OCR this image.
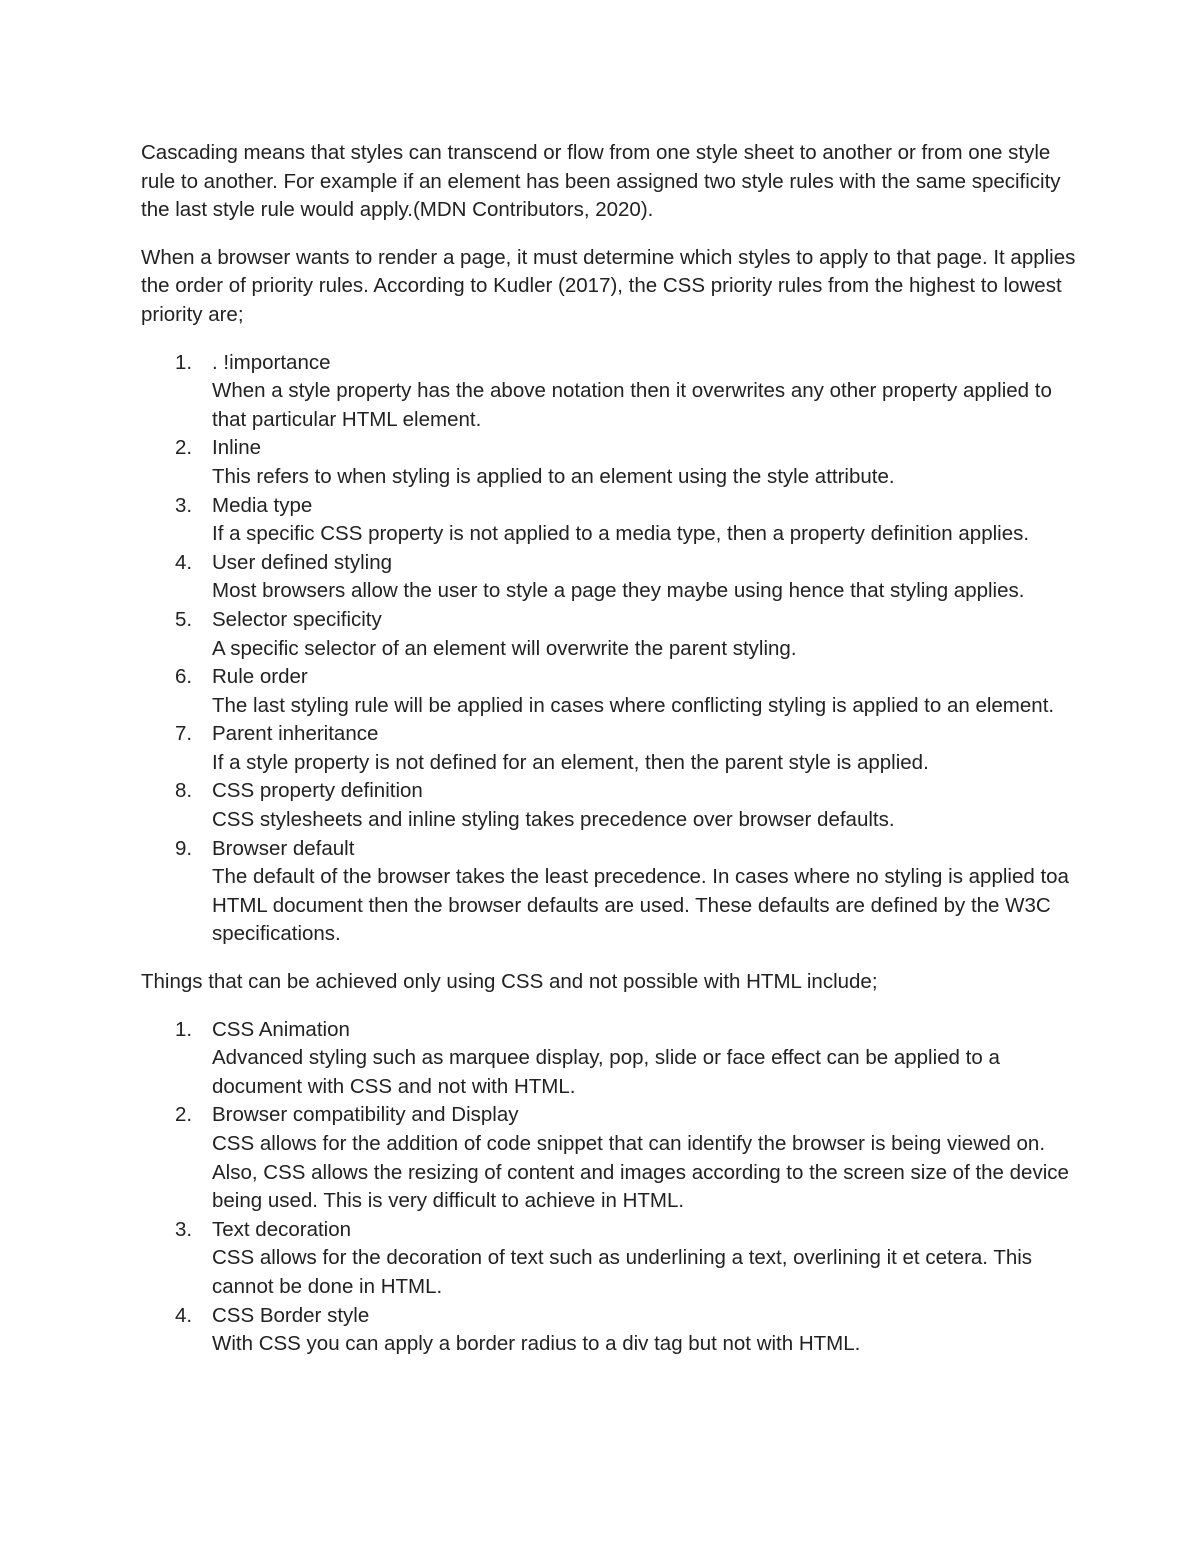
Cascading means that styles can transcend or flow from one style sheet to another or from one style rule to another. For example if an element has been assigned two style rules with the same specificity the last style rule would apply.(MDN Contributors, 2020).

When a browser wants to render a page, it must determine which styles to apply to that page. It applies the order of priority rules. According to Kudler (2017), the CSS priority rules from the highest to lowest priority are;

1. . !importance
When a style property has the above notation then it overwrites any other property applied to that particular HTML element.
2. Inline
This refers to when styling is applied to an element using the style attribute.
3. Media type
If a specific CSS property is not applied to a media type, then a property definition applies.
4. User defined styling
Most browsers allow the user to style a page they maybe using hence that styling applies.
5. Selector specificity
A specific selector of an element will overwrite the parent styling.
6. Rule order
The last styling rule will be applied in cases where conflicting styling is applied to an element.
7. Parent inheritance
If a style property is not defined for an element, then the parent style is applied.
8. CSS property definition
CSS stylesheets and inline styling takes precedence over browser defaults.
9. Browser default
The default of the browser takes the least precedence. In cases where no styling is applied toa HTML document then the browser defaults are used. These defaults are defined by the W3C specifications.

Things that can be achieved only using CSS and not possible with HTML include;

1. CSS Animation
Advanced styling such as marquee display, pop, slide or face effect can be applied to a document with CSS and not with HTML.
2. Browser compatibility and Display
CSS allows for the addition of code snippet that can identify the browser is being viewed on. Also, CSS allows the resizing of content and images according to the screen size of the device being used. This is very difficult to achieve in HTML.
3. Text decoration
CSS allows for the decoration of text such as underlining a text, overlining it et cetera. This cannot be done in HTML.
4. CSS Border style
With CSS you can apply a border radius to a div tag but not with HTML.
